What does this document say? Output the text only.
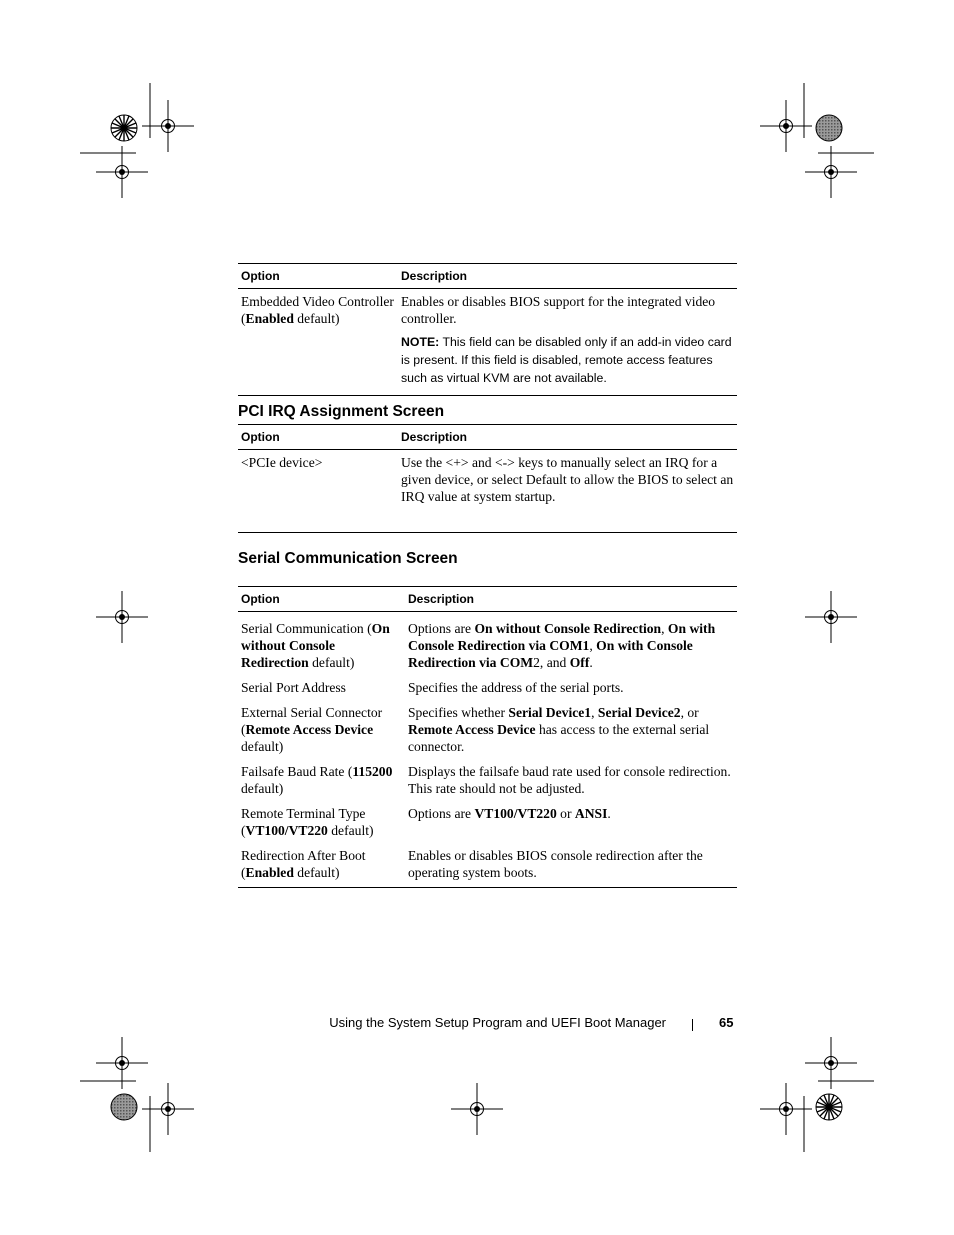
Option	Description
Embedded Video Controller (Enabled default)	Enables or disables BIOS support for the integrated video controller.
NOTE: This field can be disabled only if an add-in video card is present. If this field is disabled, remote access features such as virtual KVM are not available.
PCI IRQ Assignment Screen
Option	Description
<PCIe device>	Use the <+> and <-> keys to manually select an IRQ for a given device, or select Default to allow the BIOS to select an IRQ value at system startup.
Serial Communication Screen
Option	Description
Serial Communication (On without Console Redirection default)	Options are On without Console Redirection, On with Console Redirection via COM1, On with Console Redirection via COM2, and Off.
Serial Port Address	Specifies the address of the serial ports.
External Serial Connector (Remote Access Device default)	Specifies whether Serial Device1, Serial Device2, or Remote Access Device has access to the external serial connector.
Failsafe Baud Rate (115200 default)	Displays the failsafe baud rate used for console redirection. This rate should not be adjusted.
Remote Terminal Type (VT100/VT220 default)	Options are VT100/VT220 or ANSI.
Redirection After Boot (Enabled default)	Enables or disables BIOS console redirection after the operating system boots.
Using the System Setup Program and UEFI Boot Manager	65
